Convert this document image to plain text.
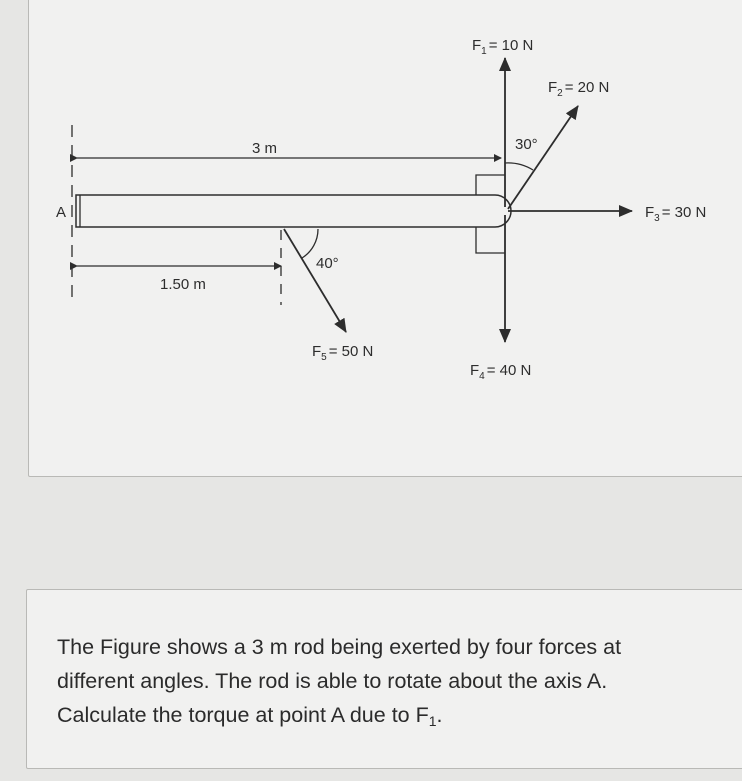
A
3 m
1.50 m
30°
40°
$F_1 = 10$ N
$F_2 = 20$ N
$F_3 = 30$ N
$F_4 = 40$ N
$F_5 = 50$ N

The Figure shows a 3 m rod being exerted by four forces at
different angles. The rod is able to rotate about the axis A.
Calculate the torque at point A due to $F_1$.
